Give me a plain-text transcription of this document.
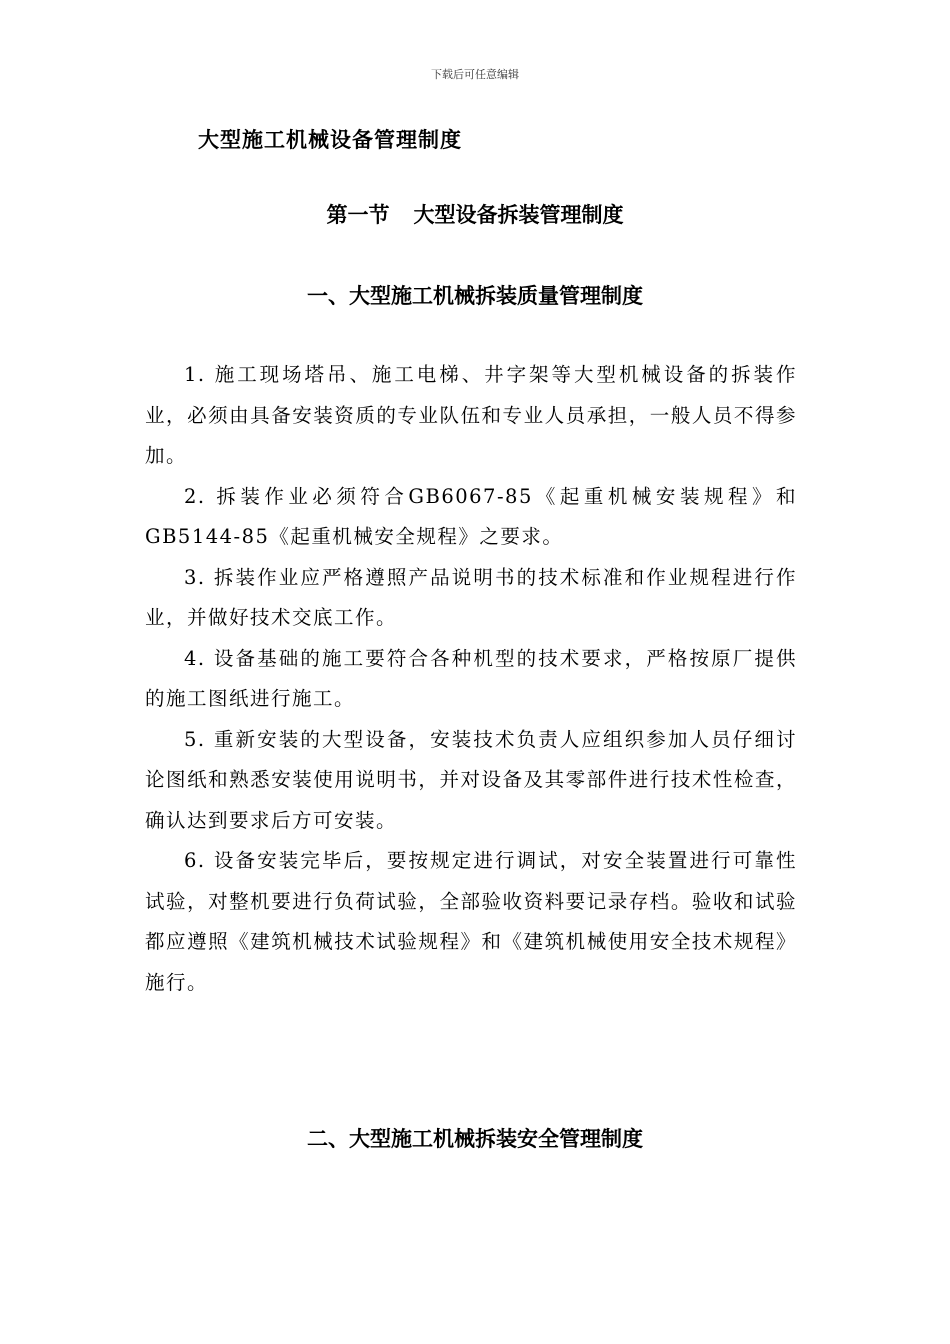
下载后可任意编辑
大型施工机械设备管理制度
第一节 大型设备拆装管理制度
一、大型施工机械拆装质量管理制度

1. 施工现场塔吊、施工电梯、井字架等大型机械设备的拆装作业，必须由具备安装资质的专业队伍和专业人员承担，一般人员不得参加。

2. 拆装作业必须符合GB6067-85《起重机械安装规程》和GB5144-85《起重机械安全规程》之要求。

3. 拆装作业应严格遵照产品说明书的技术标准和作业规程进行作业，并做好技术交底工作。

4. 设备基础的施工要符合各种机型的技术要求，严格按原厂提供的施工图纸进行施工。

5. 重新安装的大型设备，安装技术负责人应组织参加人员仔细讨论图纸和熟悉安装使用说明书，并对设备及其零部件进行技术性检查，确认达到要求后方可安装。

6. 设备安装完毕后，要按规定进行调试，对安全装置进行可靠性试验，对整机要进行负荷试验，全部验收资料要记录存档。验收和试验都应遵照《建筑机械技术试验规程》和《建筑机械使用安全技术规程》施行。

二、大型施工机械拆装安全管理制度
